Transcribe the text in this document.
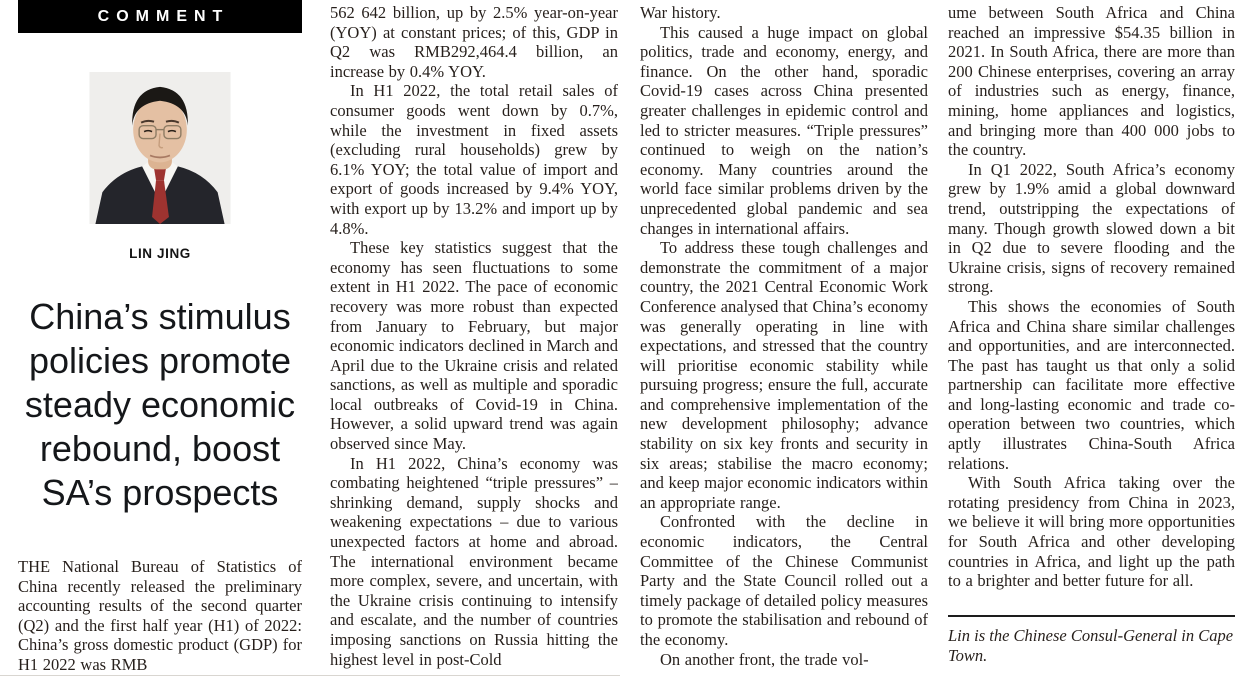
COMMENT
LIN JING
China’s stimulus
policies promote
steady economic
rebound, boost
SA’s prospects

THE National Bureau of Statistics of China recently released the preliminary accounting results of the second quarter (Q2) and the first half year (H1) of 2022: China’s gross domestic product (GDP) for H1 2022 was RMB

562 642 billion, up by 2.5% year-on-year (YOY) at constant prices; of this, GDP in Q2 was RMB292,464.4 billion, an increase by 0.4% YOY.

In H1 2022, the total retail sales of consumer goods went down by 0.7%, while the investment in fixed assets (excluding rural households) grew by 6.1% YOY; the total value of import and export of goods increased by 9.4% YOY, with export up by 13.2% and import up by 4.8%.

These key statistics suggest that the economy has seen fluctuations to some extent in H1 2022. The pace of economic recovery was more robust than expected from January to February, but major economic indicators declined in March and April due to the Ukraine crisis and related sanctions, as well as multiple and sporadic local outbreaks of Covid-19 in China. However, a solid upward trend was again observed since May.

In H1 2022, China’s economy was combating heightened “triple pressures” – shrinking demand, supply shocks and weakening expectations – due to various unexpected factors at home and abroad. The international environment became more complex, severe, and uncertain, with the Ukraine crisis continuing to intensify and escalate, and the number of countries imposing sanctions on Russia hitting the highest level in post-Cold

War history.

This caused a huge impact on global politics, trade and economy, energy, and finance. On the other hand, sporadic Covid-19 cases across China presented greater challenges in epidemic control and led to stricter measures. “Triple pressures” continued to weigh on the nation’s economy. Many countries around the world face similar problems driven by the unprecedented global pandemic and sea changes in international affairs.

To address these tough challenges and demonstrate the commitment of a major country, the 2021 Central Economic Work Conference analysed that China’s economy was generally operating in line with expectations, and stressed that the country will prioritise economic stability while pursuing progress; ensure the full, accurate and comprehensive implementation of the new development philosophy; advance stability on six key fronts and security in six areas; stabilise the macro economy; and keep major economic indicators within an appropriate range.

Confronted with the decline in economic indicators, the Central Committee of the Chinese Communist Party and the State Council rolled out a timely package of detailed policy measures to promote the stabilisation and rebound of the economy.

On another front, the trade vol-

ume between South Africa and China reached an impressive $54.35 billion in 2021. In South Africa, there are more than 200 Chinese enterprises, covering an array of industries such as energy, finance, mining, home appliances and logistics, and bringing more than 400 000 jobs to the country.

In Q1 2022, South Africa’s economy grew by 1.9% amid a global downward trend, outstripping the expectations of many. Though growth slowed down a bit in Q2 due to severe flooding and the Ukraine crisis, signs of recovery remained strong.

This shows the economies of South Africa and China share similar challenges and opportunities, and are interconnected. The past has taught us that only a solid partnership can facilitate more effective and long-lasting economic and trade co-operation between two countries, which aptly illustrates China-South Africa relations.

With South Africa taking over the rotating presidency from China in 2023, we believe it will bring more opportunities for South Africa and other developing countries in Africa, and light up the path to a brighter and better future for all.

Lin is the Chinese Consul-General in Cape Town.
